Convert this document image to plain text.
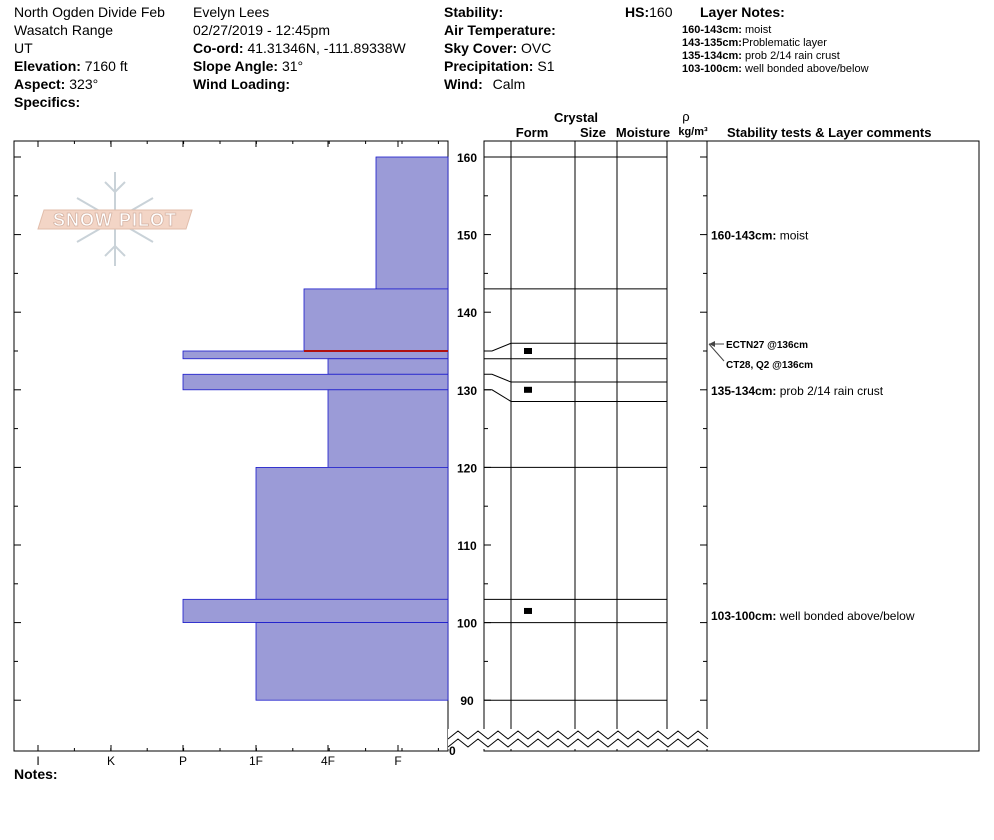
North Ogden Divide Feb
Wasatch Range
UT
Elevation: 7160 ft
Aspect: 323°
Specifics:
Evelyn Lees
02/27/2019 - 12:45pm
Co-ord: 41.31346N, -111.89338W
Slope Angle: 31°
Wind Loading:
Stability:
Air Temperature:
Sky Cover: OVC
Precipitation: S1
Wind: Calm
HS:160 Layer Notes:
160-143cm: moist
143-135cm:Problematic layer
135-134cm: prob 2/14 rain crust
103-100cm: well bonded above/below
Notes:
SNOW PILOT
I	K	P	1F	4F	F
90
100
110
120
130
140
150
160
Crystal
Form Size Moisture
ρ
kg/m³ Stability tests & Layer comments
ECTN27 @136cm
CT28, Q2 @136cm
160-143cm: moist
135-134cm: prob 2/14 rain crust
103-100cm: well bonded above/below
0
